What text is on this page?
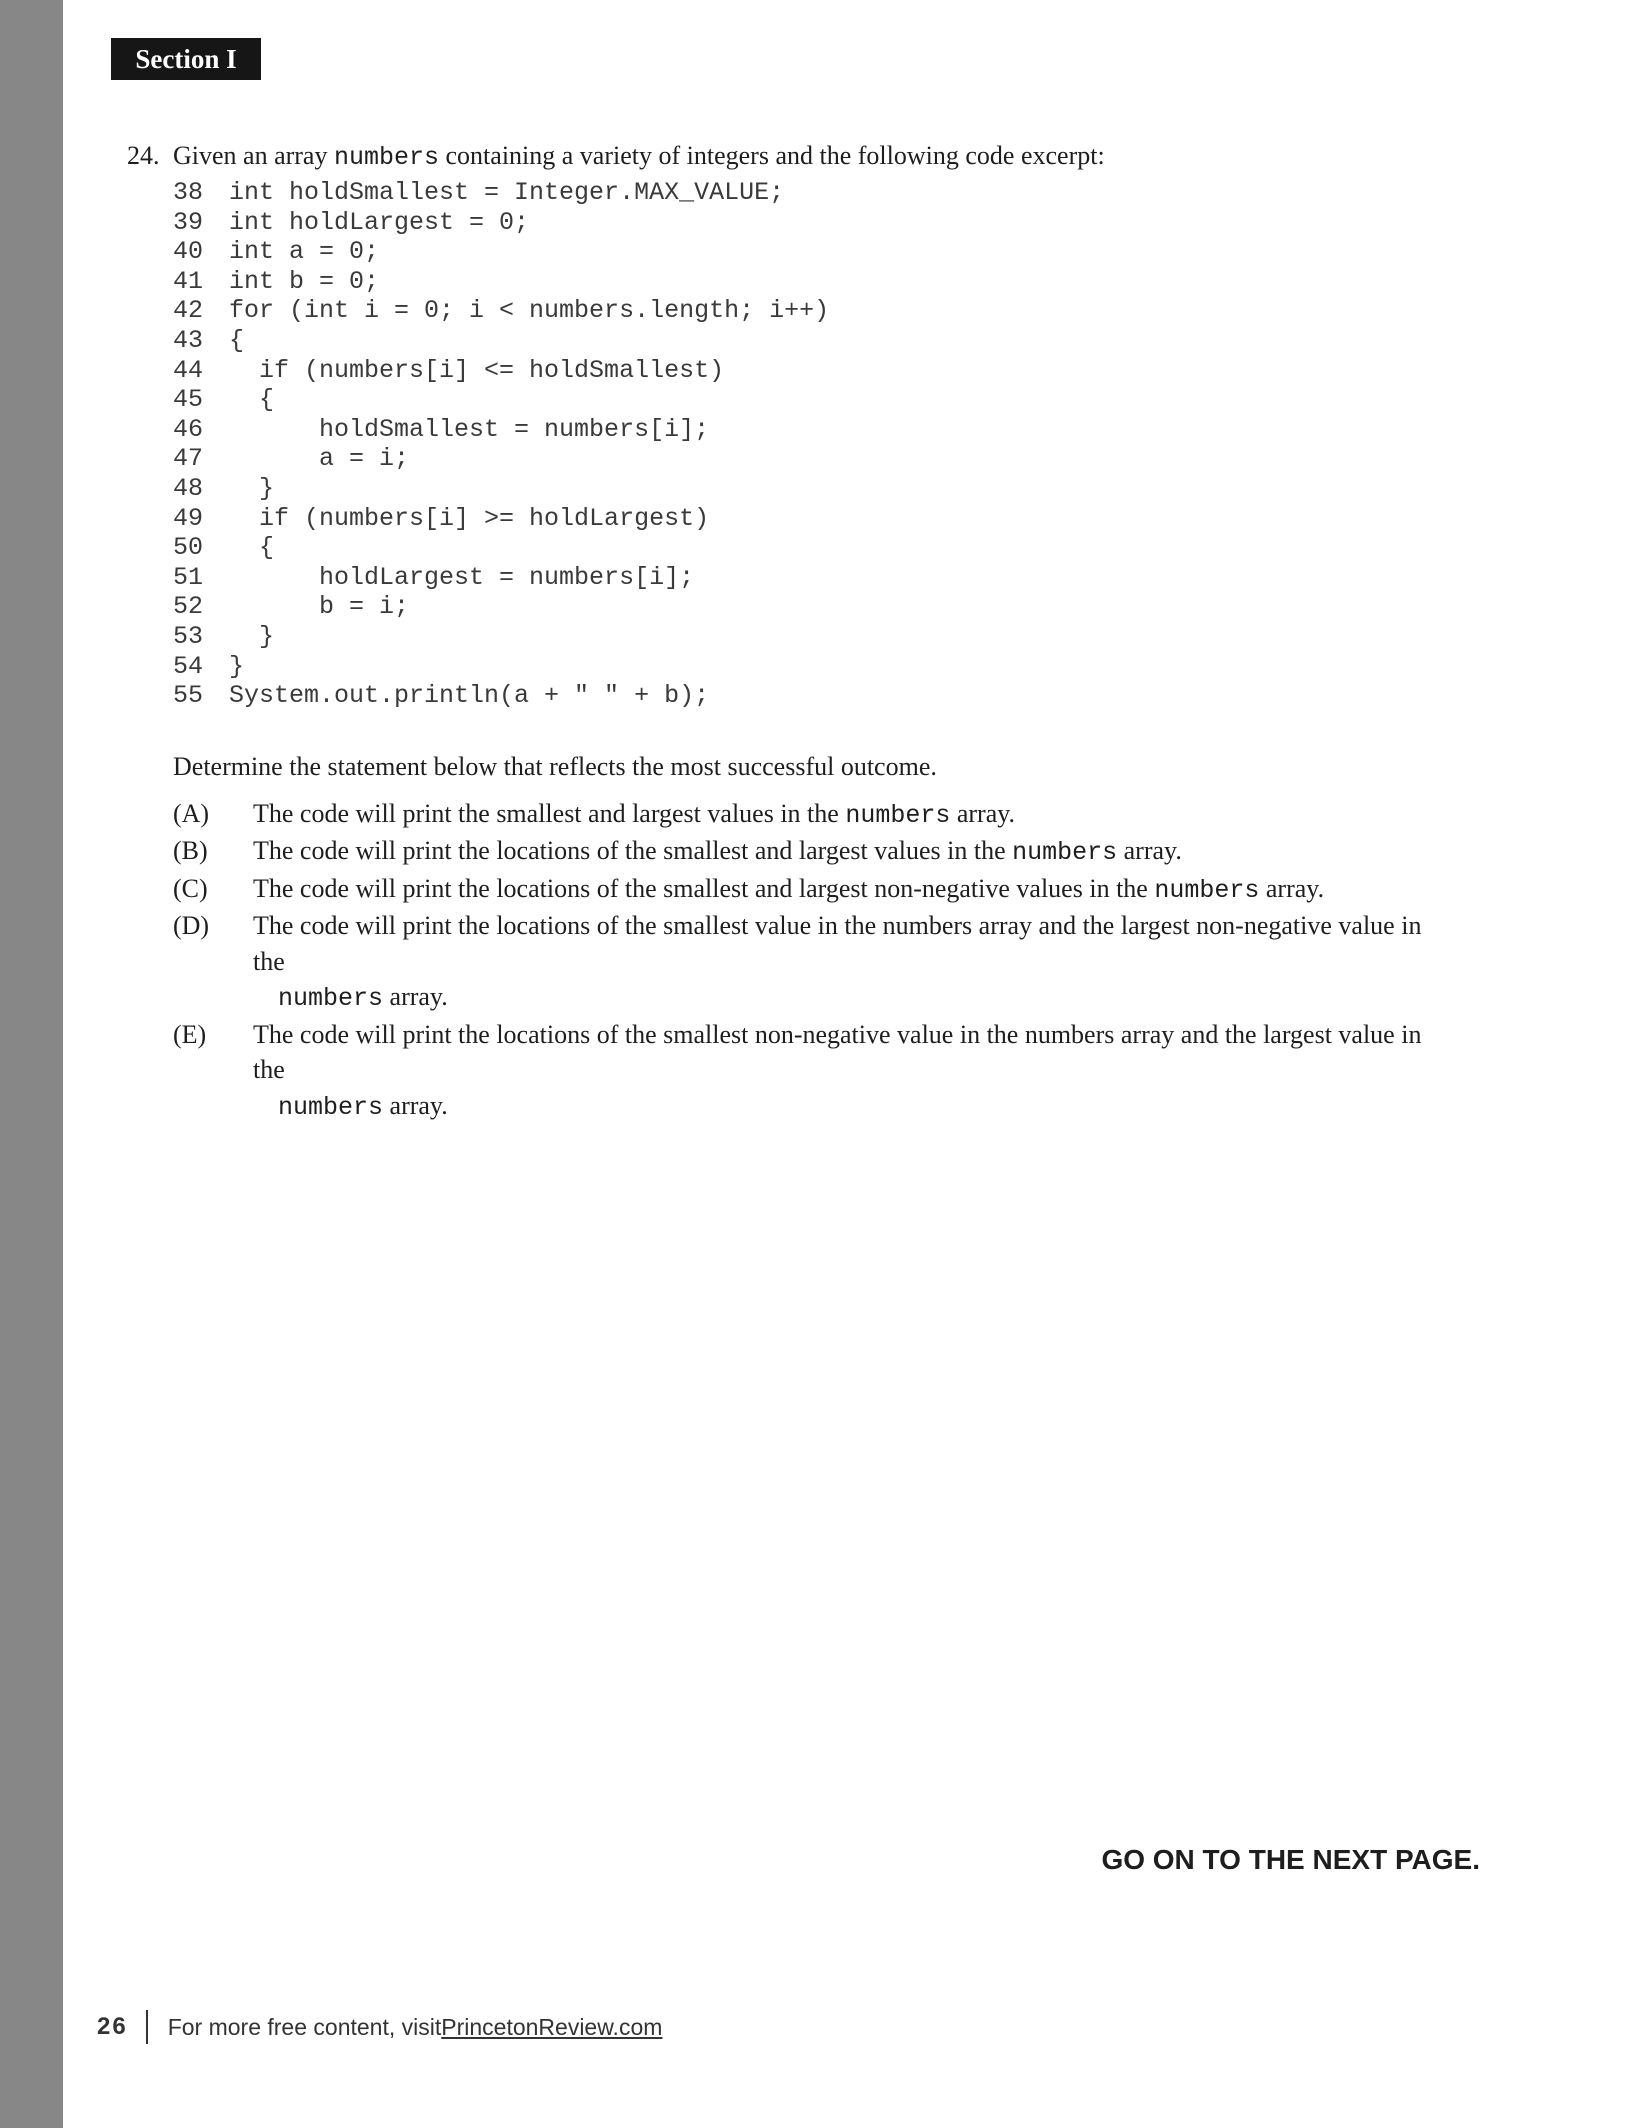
Section I
24. Given an array numbers containing a variety of integers and the following code excerpt:
38	int holdSmallest = Integer.MAX_VALUE;
39	int holdLargest = 0;
40	int a = 0;
41	int b = 0;
42	for (int i = 0; i < numbers.length; i++)
43	{
44	if (numbers[i] <= holdSmallest)
45	{
46	holdSmallest = numbers[i];
47	a = i;
48	}
49	if (numbers[i] >= holdLargest)
50	{
51	holdLargest = numbers[i];
52	b = i;
53	}
54	}
55	System.out.println(a + " " + b);
Determine the statement below that reflects the most successful outcome.
(A) The code will print the smallest and largest values in the numbers array.
(B) The code will print the locations of the smallest and largest values in the numbers array.
(C) The code will print the locations of the smallest and largest non-negative values in the numbers array.
(D) The code will print the locations of the smallest value in the numbers array and the largest non-negative value in the
numbers array.
(E) The code will print the locations of the smallest non-negative value in the numbers array and the largest value in the
numbers array.
GO ON TO THE NEXT PAGE.
26 For more free content, visit PrincetonReview.com
